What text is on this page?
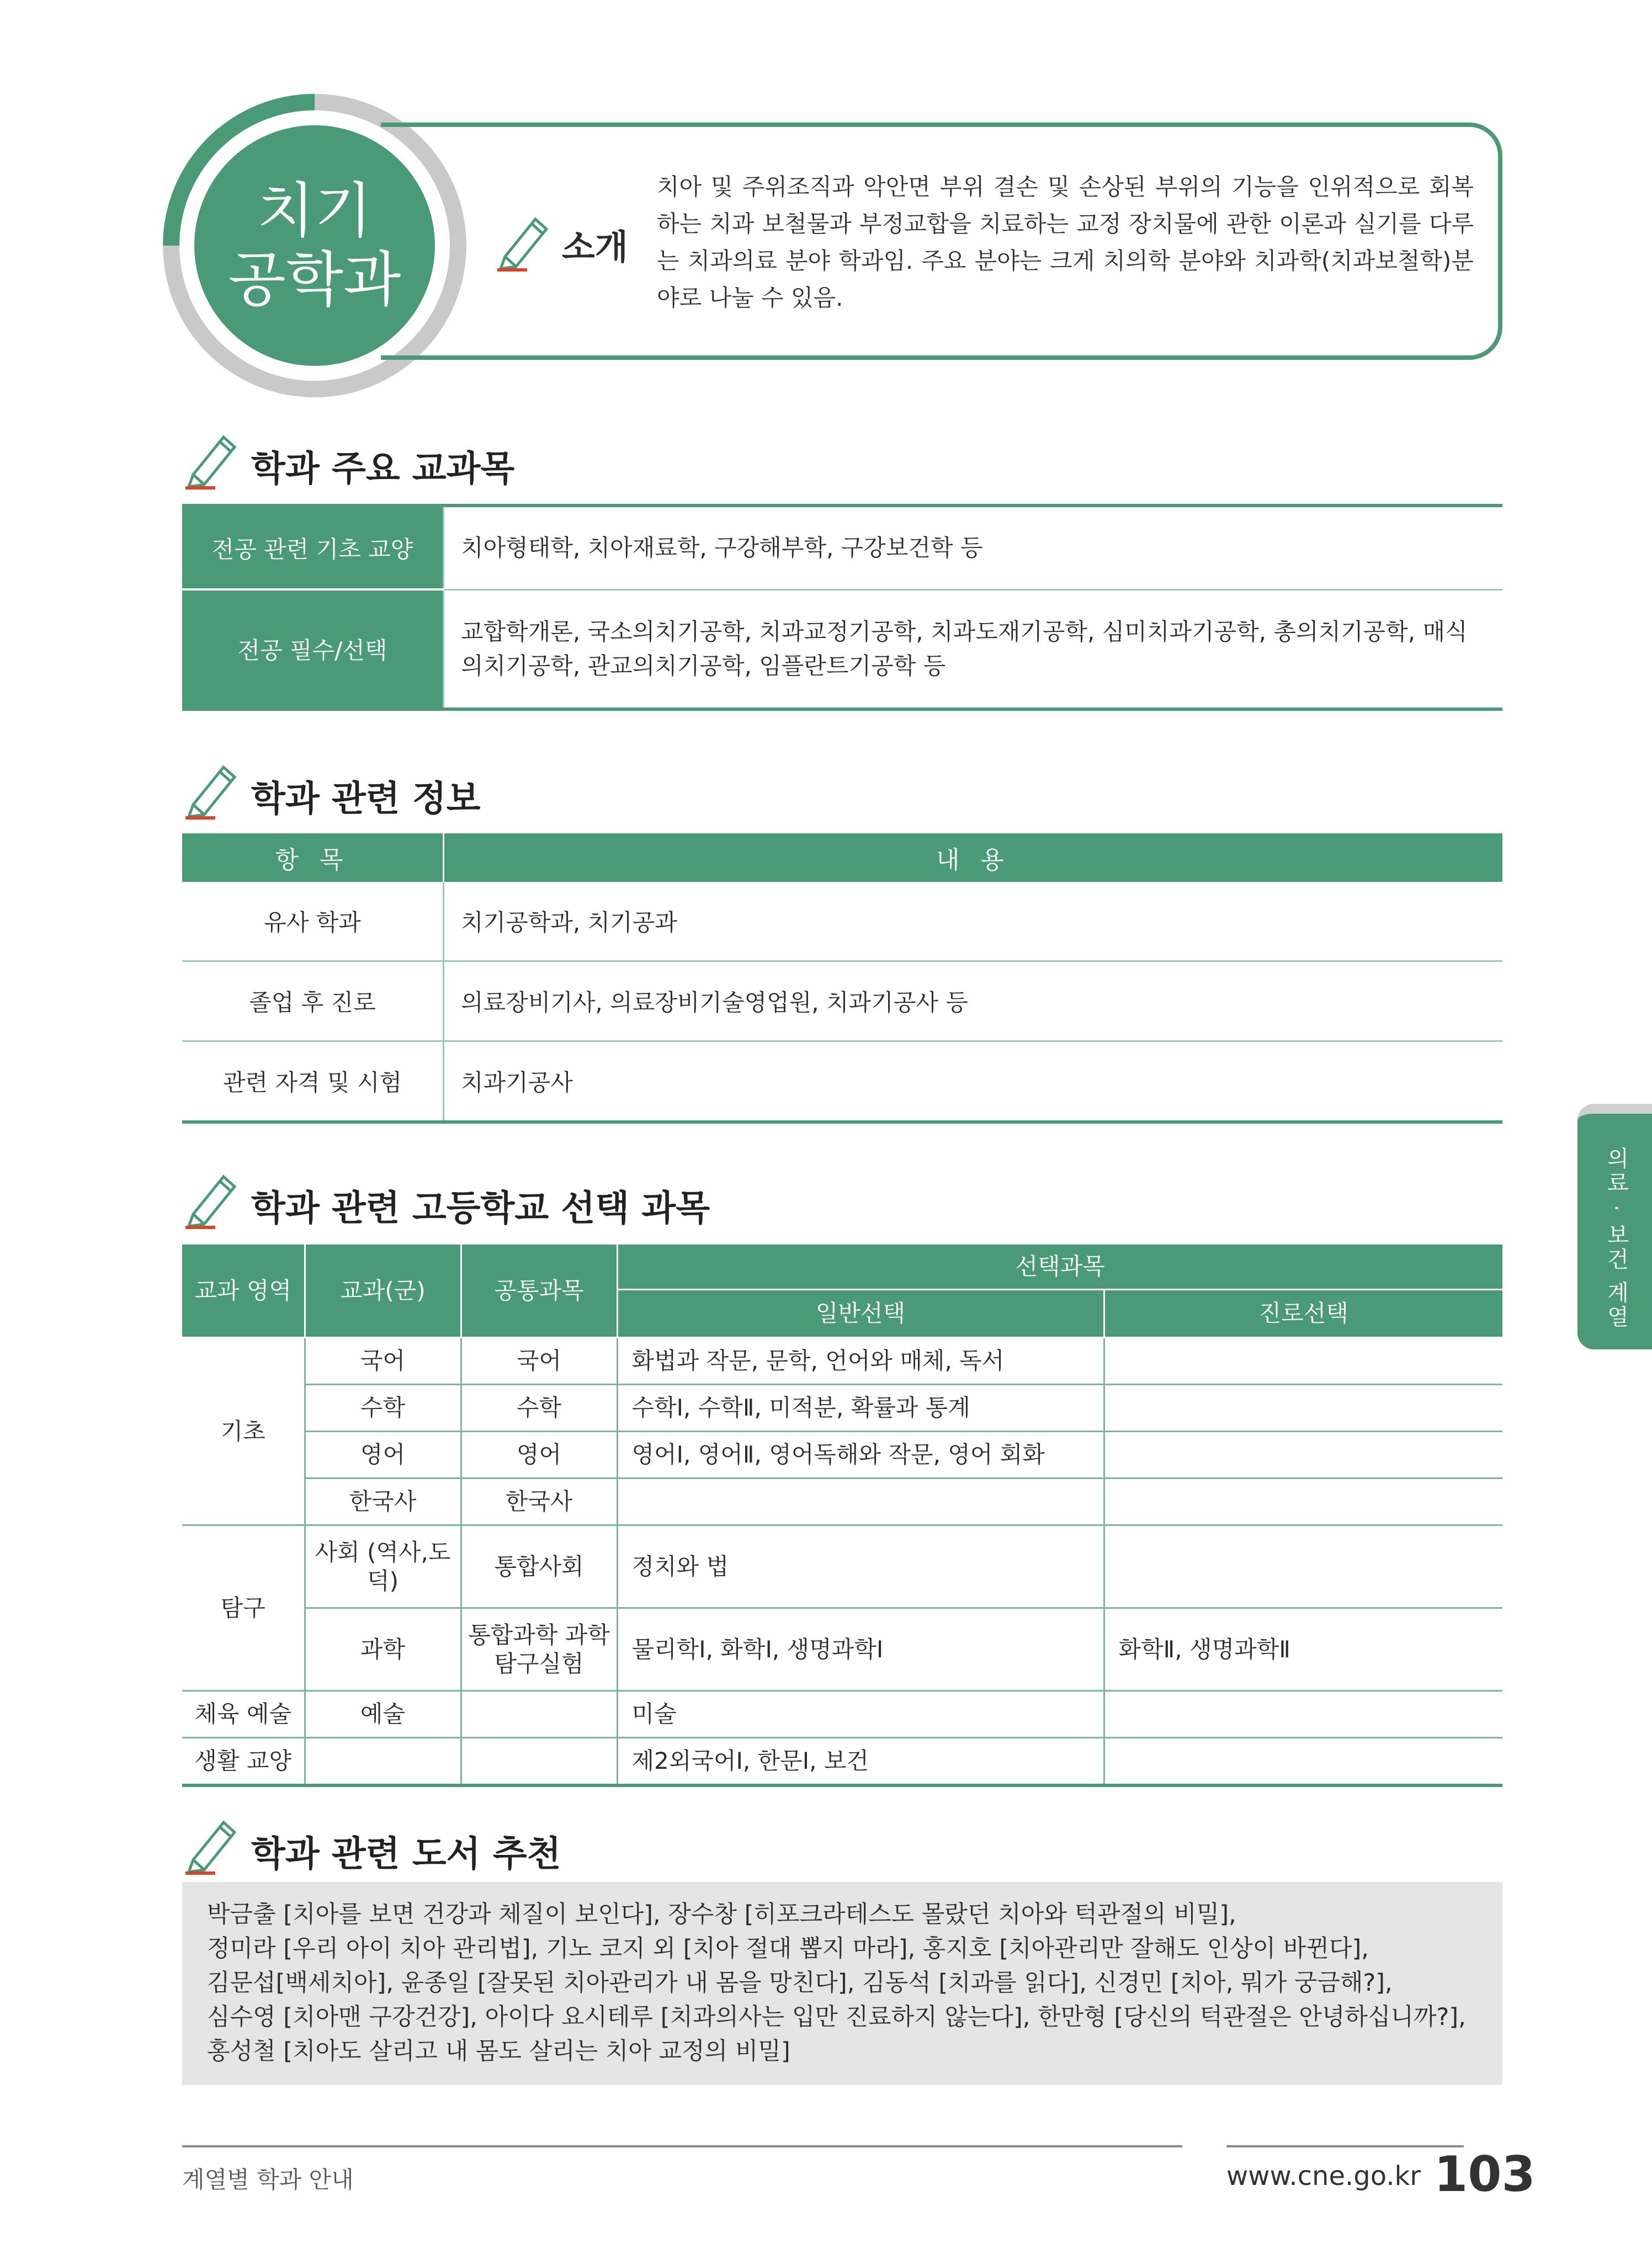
치기
공학과	소개
치아 및 주위조직과 악안면 부위 결손 및 손상된 부위의 기능을 인위적으로 회복하는 치과 보철물과 부정교합을 치료하는 교정 장치물에 관한 이론과 실기를 다루는 치과의료 분야 학과임. 주요 분야는 크게 치의학 분야와 치과학(치과보철학)분야로 나눌 수 있음.
학과 주요 교과목
전공 관련 기초 교양	치아형태학, 치아재료학, 구강해부학, 구강보건학 등
전공 필수/선택	교합학개론, 국소의치기공학, 치과교정기공학, 치과도재기공학, 심미치과기공학, 총의치기공학, 매식의치기공학, 관교의치기공학, 임플란트기공학 등
학과 관련 정보
항 목	내 용
유사 학과	치기공학과, 치기공과
졸업 후 진로	의료장비기사, 의료장비기술영업원, 치과기공사 등
관련 자격 및 시험	치과기공사
학과 관련 고등학교 선택 과목
교과 영역	교과(군)	공통과목	선택과목	
			일반선택	진로선택
기초	국어	국어	화법과 작문, 문학, 언어와 매체, 독서	
	수학	수학	수학Ⅰ, 수학Ⅱ, 미적분, 확률과 통계	
	영어	영어	영어Ⅰ, 영어Ⅱ, 영어독해와 작문, 영어 회화	
	한국사	한국사		
탐구	사회 (역사,도덕)	통합사회	정치와 법	
	과학	통합과학 과학탐구실험	물리학Ⅰ, 화학Ⅰ, 생명과학Ⅰ	화학Ⅱ, 생명과학Ⅱ
체육 예술	예술		미술	
생활 교양			제2외국어Ⅰ, 한문Ⅰ, 보건	
학과 관련 도서 추천
박금출 [치아를 보면 건강과 체질이 보인다], 장수창 [히포크라테스도 몰랐던 치아와 턱관절의 비밀],
정미라 [우리 아이 치아 관리법], 기노 코지 외 [치아 절대 뽑지 마라], 홍지호 [치아관리만 잘해도 인상이 바뀐다],
김문섭[백세치아], 윤종일 [잘못된 치아관리가 내 몸을 망친다], 김동석 [치과를 읽다], 신경민 [치아, 뭐가 궁금해?],
심수영 [치아맨 구강건강], 아이다 요시테루 [치과의사는 입만 진료하지 않는다], 한만형 [당신의 턱관절은 안녕하십니까?],
홍성철 [치아도 살리고 내 몸도 살리는 치아 교정의 비밀]
의료 · 보건 계열
계열별 학과 안내	www.cne.go.kr 103
